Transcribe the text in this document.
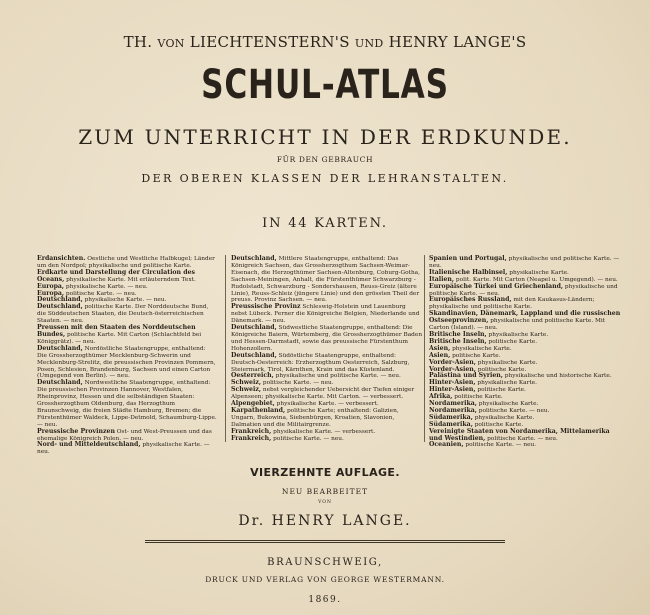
TH. VON LIECHTENSTERN'S UND HENRY LANGE'S
SCHUL-ATLAS
ZUM UNTERRICHT IN DER ERDKUNDE.
FÜR DEN GEBRAUCH
DER OBEREN KLASSEN DER LEHRANSTALTEN.
IN 44 KARTEN.
Erdansichten. Oestliche und Westliche Halbkugel; Länder um den Nordpol; physikalische und politische Karte.
Erdkarte und Darstellung der Circulation des Oceans, physikalische Karte. Mit erläuterndem Text.
Europa, physikalische Karte. — neu.
Europa, politische Karte. — neu.
Deutschland, physikalische Karte. — neu.
Deutschland, politische Karte. Der Norddeutsche Bund, die Süddeutschen Staaten, die Deutsch-österreichischen Staaten. — neu.
Preussen mit den Staaten des Norddeutschen Bundes, politische Karte. Mit Carton (Schlachtfeld bei Königgrätz). — neu.
Deutschland, Nordöstliche Staatengruppe, enthaltend: Die Grossherzogthümer Mecklenburg-Schwerin und Mecklenburg-Strelitz, die preussischen Provinzen Pommern, Posen, Schlesien, Brandenburg, Sachsen und einen Carton (Umgegend von Berlin). — neu.
Deutschland, Nordwestliche Staatengruppe, enthaltend: Die preussischen Provinzen Hannover, Westfalen, Rheinprovinz, Hessen und die selbständigen Staaten: Grossherzogthum Oldenburg, das Herzogthum Braunschweig, die freien Städte Hamburg, Bremen; die Fürstenthümer Waldeck, Lippe-Detmold, Schaumburg-Lippe. — neu.
Preussische Provinzen Ost- und West-Preussen und das ehemalige Königreich Polen. — neu.
Nord- und Mitteldeutschland, physikalische Karte. — neu.
Deutschland, Mittlere Staatengruppe, enthaltend: Das Königreich Sachsen, das Grossherzogthum Sachsen-Weimar-Eisenach, die Herzogthümer Sachsen-Altenburg, Coburg-Gotha, Sachsen-Meiningen, Anhalt, die Fürstenthümer Schwarzburg - Rudolstadt, Schwarzburg - Sondershausen, Reuss-Greiz (ältere Linie), Reuss-Schleiz (jüngere Linie) und den grössten Theil der preuss. Provinz Sachsen. — neu.
Preussische Provinz Schleswig-Holstein und Lauenburg nebst Lübeck. Ferner die Königreiche Belgien, Niederlande und Dänemark. — neu.
Deutschland, Südwestliche Staatengruppe, enthaltend: Die Königreiche Baiern, Würtemberg, die Grossherzogthümer Baden und Hessen-Darmstadt, sowie das preussische Fürstenthum Hohenzollern.
Deutschland, Südöstliche Staatengruppe, enthaltend: Deutsch-Oesterreich: Erzherzogthum Oesterreich, Salzburg, Steiermark, Tirol, Kärnthen, Krain und das Küstenland.
Oesterreich, physikalische und politische Karte. — neu.
Schweiz, politische Karte. — neu.
Schweiz, nebst vergleichender Uebersicht der Tiefen einiger Alpenseen; physikalische Karte. Mit Carton. — verbessert.
Alpengebiet, physikalische Karte. — verbessert.
Karpathenland, politische Karte; enthaltend: Galizien, Ungarn, Bukowina, Siebenbürgen, Kroatien, Slavonien, Dalmatien und die Militairgrenze.
Frankreich, physikalische Karte. — verbessert.
Frankreich, politische Karte. — neu.
Spanien und Portugal, physikalische und politische Karte. — neu.
Italienische Halbinsel, physikalische Karte.
Italien, polit. Karte. Mit Carton (Neapel u. Umgegend). — neu.
Europäische Türkei und Griechenland, physikalische und politische Karte. — neu.
Europäisches Russland, mit den Kaukasus-Ländern; physikalische und politische Karte.
Skandinavien, Dänemark, Lappland und die russischen Ostseeprovinzen, physikalische und politische Karte. Mit Carton (Island). — neu.
Britische Inseln, physikalische Karte.
Britische Inseln, politische Karte.
Asien, physikalische Karte.
Asien, politische Karte.
Vorder-Asien, physikalische Karte.
Vorder-Asien, politische Karte.
Palästina und Syrien, physikalische und historische Karte.
Hinter-Asien, physikalische Karte.
Hinter-Asien, politische Karte.
Afrika, politische Karte.
Nordamerika, physikalische Karte.
Nordamerika, politische Karte. — neu.
Südamerika, physikalische Karte.
Südamerika, politische Karte.
Vereinigte Staaten von Nordamerika, Mittelamerika und Westindien, politische Karte. — neu.
Oceanien, politische Karte. — neu.
VIERZEHNTE AUFLAGE.
NEU BEARBEITET
VON
Dr. HENRY LANGE.
BRAUNSCHWEIG,
DRUCK UND VERLAG VON GEORGE WESTERMANN.
1869.
